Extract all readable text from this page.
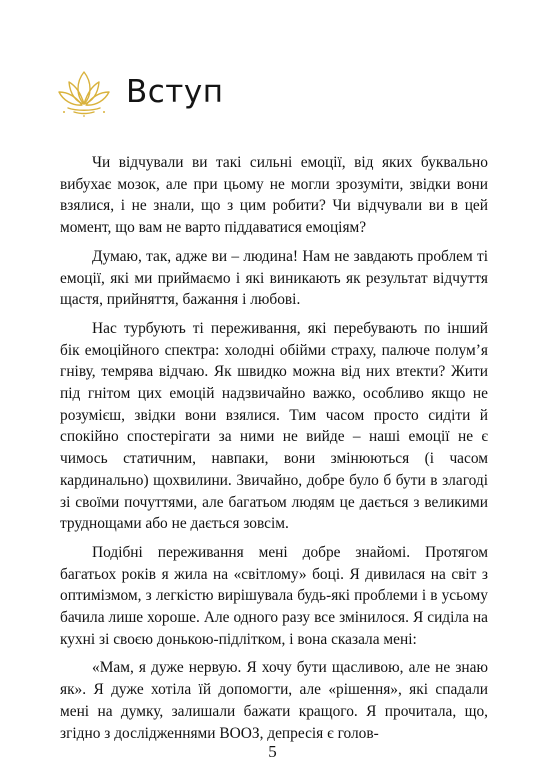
Вступ

Чи відчували ви такі сильні емоції, від яких буквально вибухає мозок, але при цьому не могли зрозуміти, звідки вони взялися, і не знали, що з цим робити? Чи відчували ви в цей момент, що вам не варто піддаватися емоціям?

Думаю, так, адже ви – людина! Нам не завдають проблем ті емоції, які ми приймаємо і які виникають як результат відчуття щастя, прийняття, бажання і любові.

Нас турбують ті переживання, які перебувають по інший бік емоційного спектра: холодні обійми страху, палюче полум’я гніву, темрява відчаю. Як швидко можна від них втекти? Жити під гнітом цих емоцій надзвичайно важко, особливо якщо не розумієш, звідки вони взялися. Тим часом просто сидіти й спокійно спостерігати за ними не вийде – наші емоції не є чимось статичним, навпаки, вони змінюються (і часом кардинально) щохвилини. Звичайно, добре було б бути в злагоді зі своїми почуттями, але багатьом людям це дається з великими труднощами або не дається зовсім.

Подібні переживання мені добре знайомі. Протягом багатьох років я жила на «світлому» боці. Я дивилася на світ з оптимізмом, з легкістю вирішувала будь-які проблеми і в усьому бачила лише хороше. Але одного разу все змінилося. Я сиділа на кухні зі своєю донькою-підлітком, і вона сказала мені:

«Мам, я дуже нервую. Я хочу бути щасливою, але не знаю як». Я дуже хотіла їй допомогти, але «рішення», які спадали мені на думку, залишали бажати кращого. Я прочитала, що, згідно з дослідженнями ВООЗ, депресія є голов-

5
